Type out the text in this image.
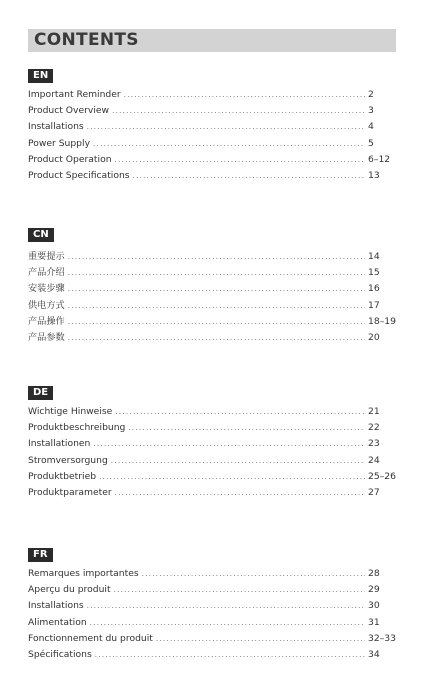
CONTENTS
EN
Important Reminder .....	2
Product Overview .....	3
Installations .....	4
Power Supply .....	5
Product Operation .....	6–12
Product Specifications .....	13
CN
重要提示 .....	14
产品介绍 .....	15
安装步骤 .....	16
供电方式 .....	17
产品操作 .....	18–19
产品参数 .....	20
DE
Wichtige Hinweise .....	21
Produktbeschreibung .....	22
Installationen .....	23
Stromversorgung .....	24
Produktbetrieb .....	25–26
Produktparameter .....	27
FR
Remarques importantes .....	28
Aperçu du produit .....	29
Installations .....	30
Alimentation .....	31
Fonctionnement du produit .....	32–33
Spécifications .....	34
